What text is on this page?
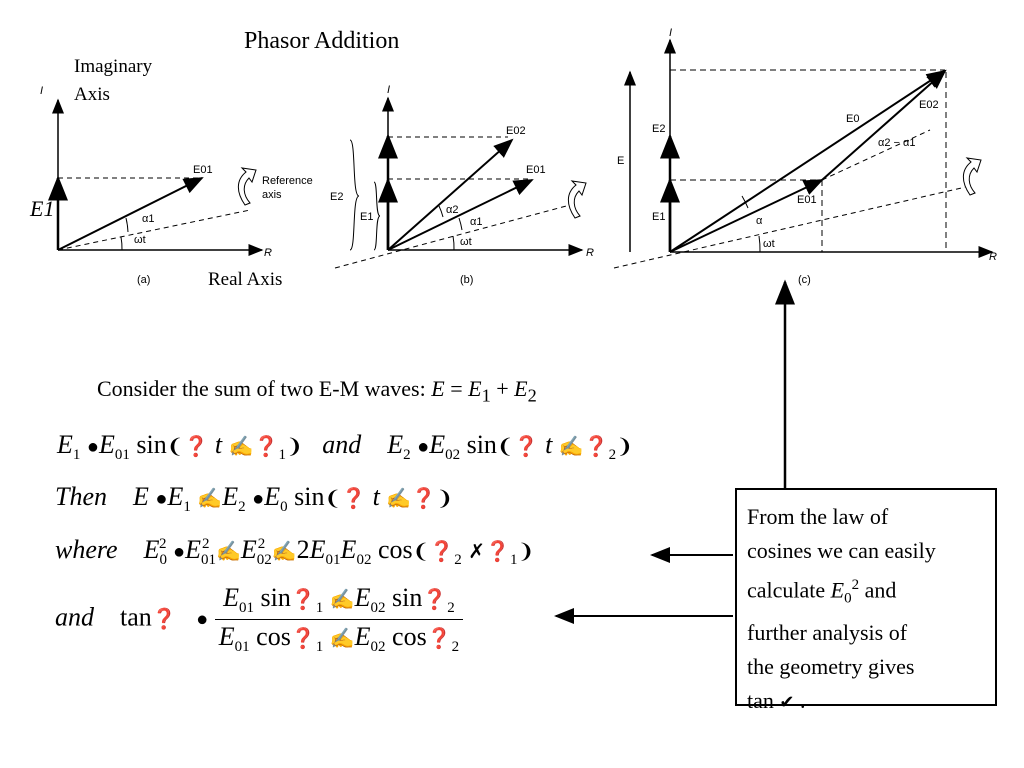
Phasor Addition
Imaginary
Axis
Real Axis
I
R
E01
Reference
axis
α1
ωt
(a)
E1
I
R
E02
E01
E2
E1
α2
α1
ωt
(b)
I
R
E
E2
E1
E0
E02
E01
α2 − α1
α
ωt
(c)
Consider the sum of two E-M waves: $E = E_1 + E_2$
$E_1$ $●E_{01}$ sin❨❓ t $✍❓_1❩$ and $E_2$ $●E_{02}$ sin❨❓ t $✍❓_2❩$
Then E $●E_1$ $✍E_2$ $●E_0$ sin❨❓ t ✍❓❩
where $E_0^2$ $●E_{01}^2$ $✍E_{02}^2$ $✍2E_{01}E_{02}$ $\cos❨❓_2$ $✗❓_1❩$
and tan❓ ● $\frac{E_{01} \sin❓_1 ✍E_{02} \sin❓_2}{E_{01} \cos❓_1 ✍E_{02} \cos❓_2}$
From the law of
cosines we can easily
calculate $E_0^2$ and
further analysis of
the geometry gives
tan ✔ .
